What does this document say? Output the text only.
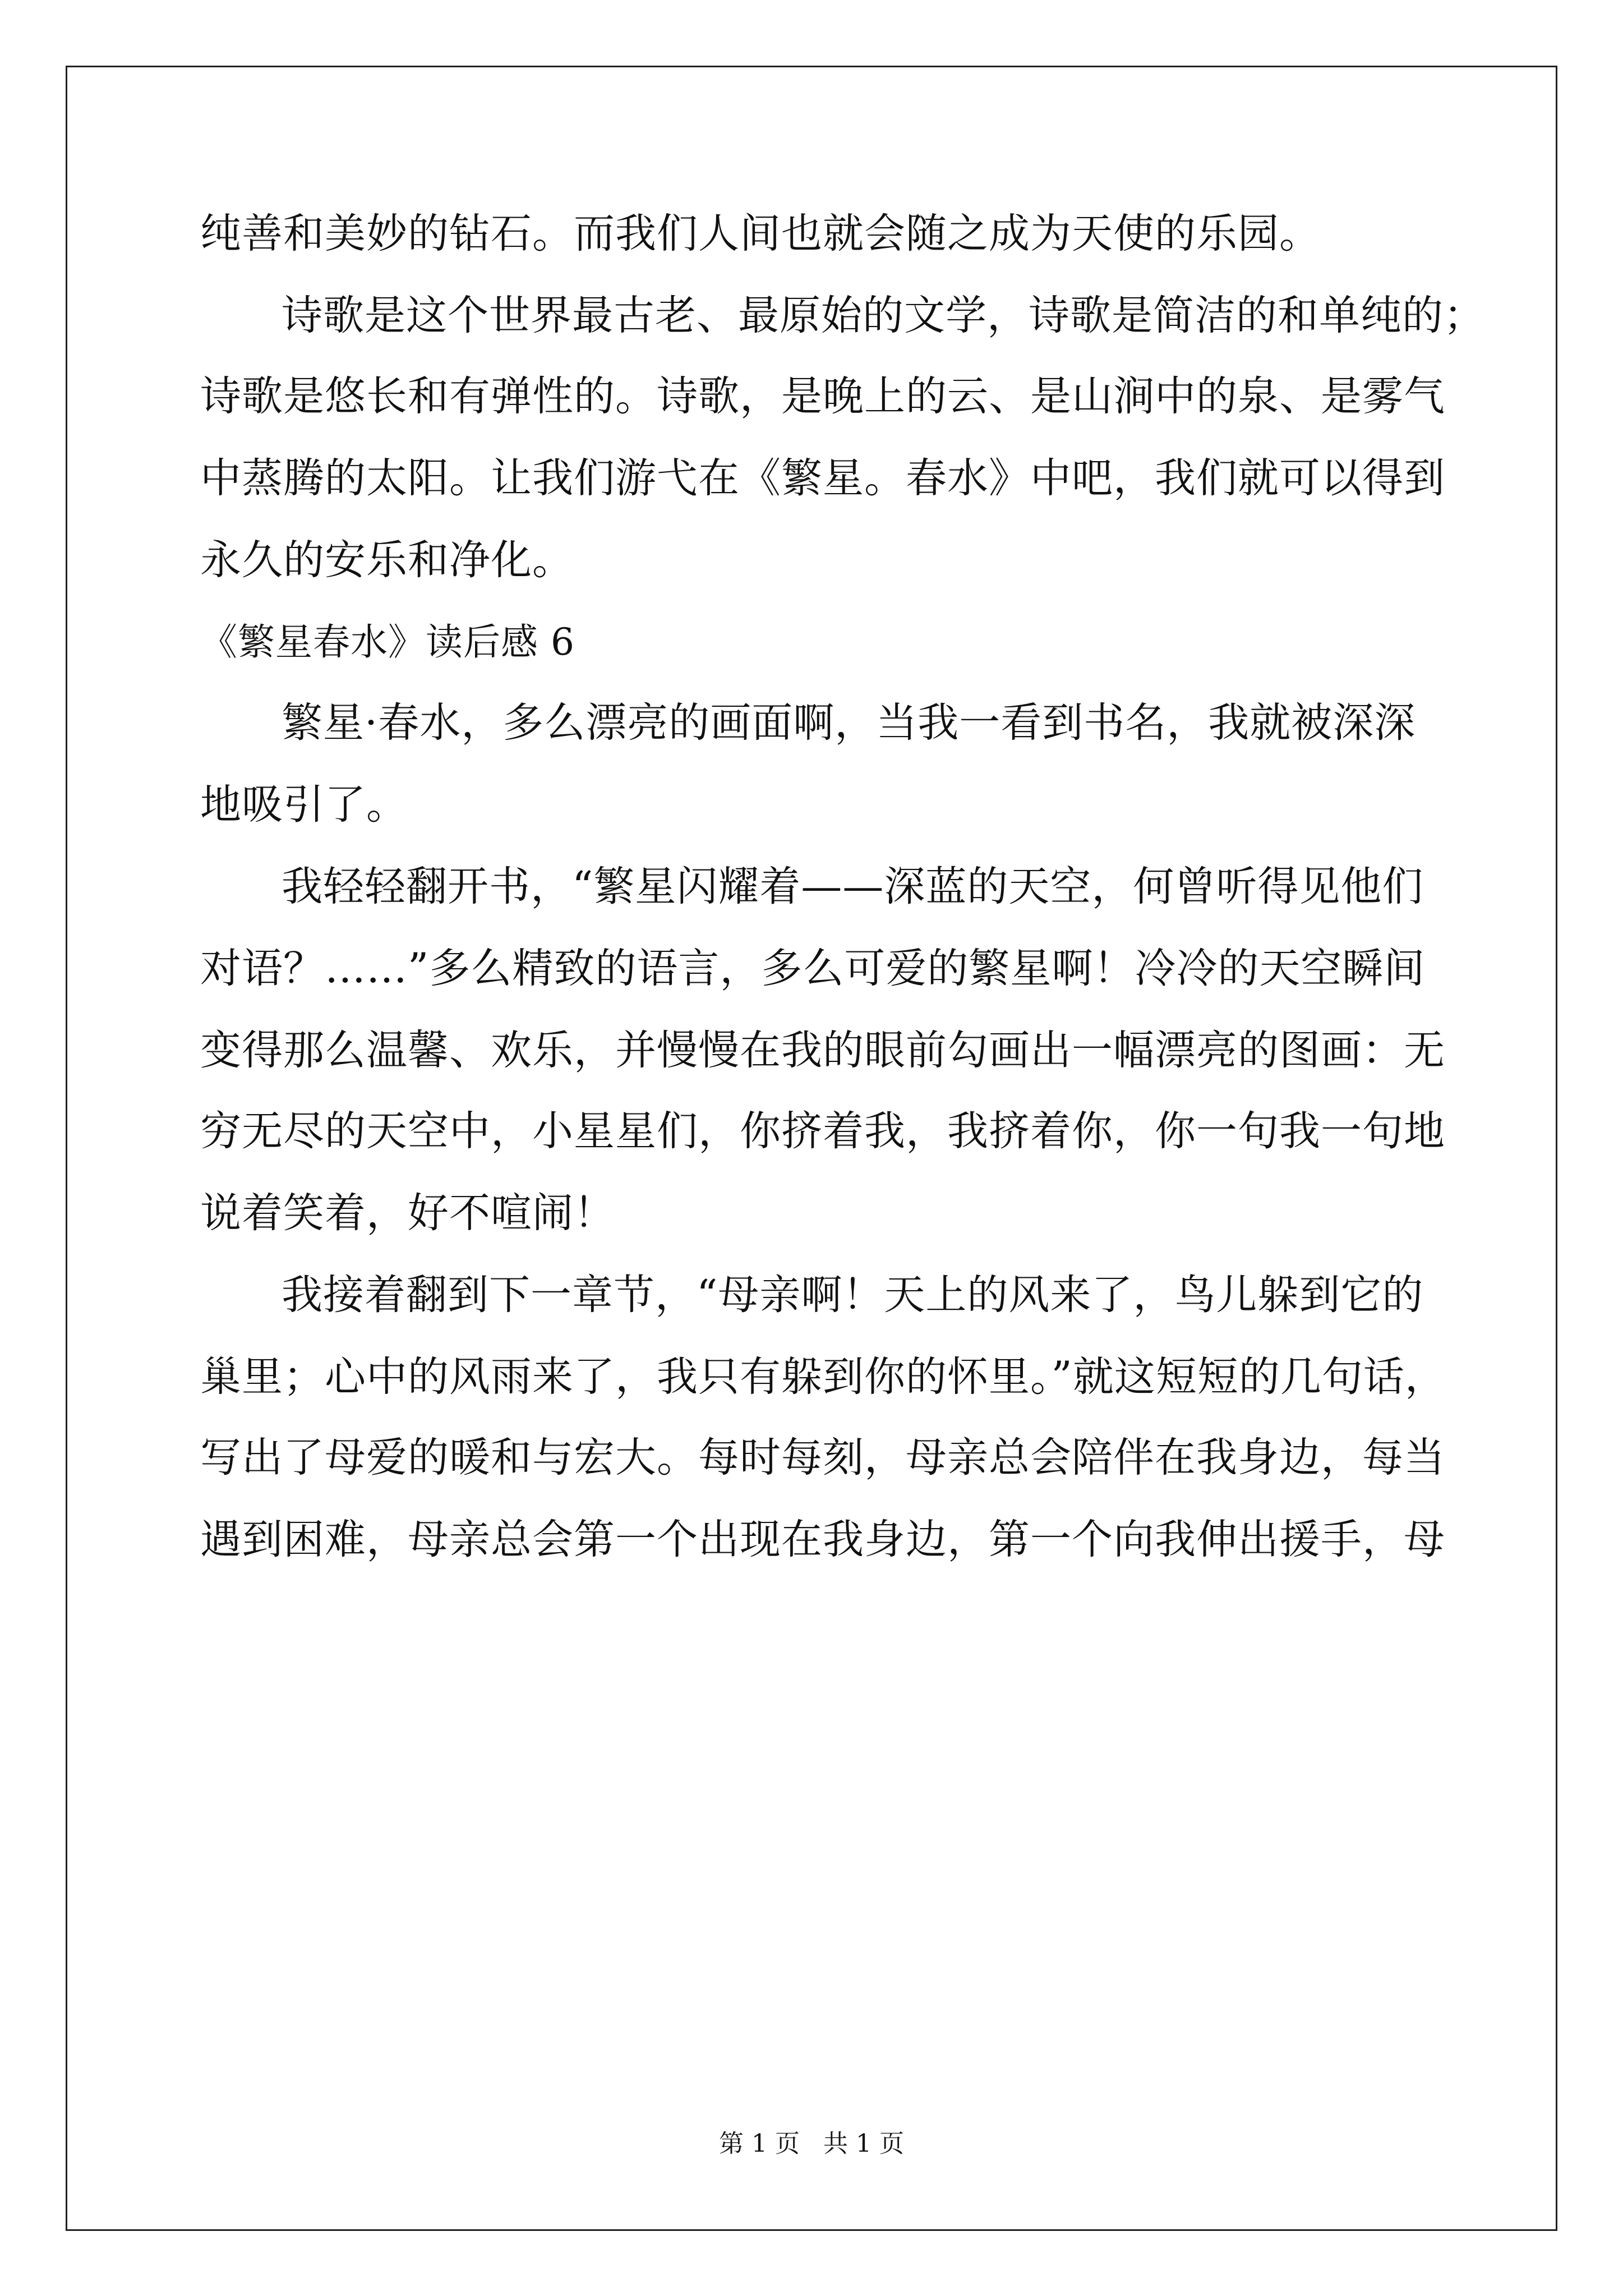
纯善和美妙的钻石。而我们人间也就会随之成为天使的乐园。
诗歌是这个世界最古老、最原始的文学，诗歌是简洁的和单纯的；
诗歌是悠长和有弹性的。诗歌，是晚上的云、是山涧中的泉、是雾气
中蒸腾的太阳。让我们游弋在《繁星。春水》中吧，我们就可以得到
永久的安乐和净化。
《繁星春水》读后感 6
繁星·春水，多么漂亮的画面啊，当我一看到书名，我就被深深
地吸引了。
我轻轻翻开书，“繁星闪耀着——深蓝的天空，何曾听得见他们
对语？……”多么精致的语言，多么可爱的繁星啊！冷冷的天空瞬间
变得那么温馨、欢乐，并慢慢在我的眼前勾画出一幅漂亮的图画：无
穷无尽的天空中，小星星们，你挤着我，我挤着你，你一句我一句地
说着笑着，好不喧闹！
我接着翻到下一章节，“母亲啊！天上的风来了，鸟儿躲到它的
巢里；心中的风雨来了，我只有躲到你的怀里。”就这短短的几句话，
写出了母爱的暖和与宏大。每时每刻，母亲总会陪伴在我身边，每当
遇到困难，母亲总会第一个出现在我身边，第一个向我伸出援手，母
第 1 页   共 1 页
